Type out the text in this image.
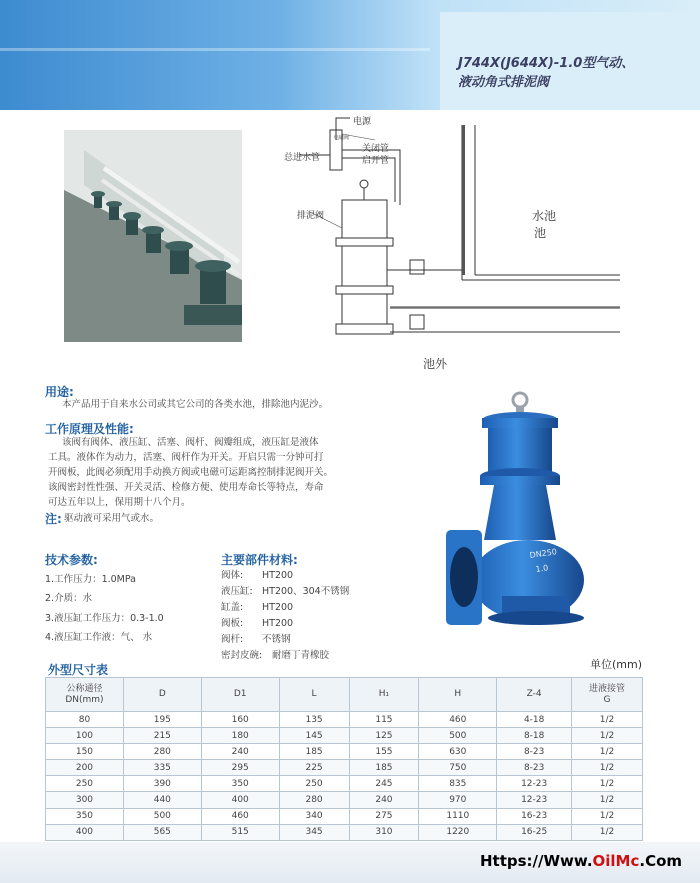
J744X(J644X)-1.0型气动、
液动角式排泥阀
电源
总进水管
电磁阀
关闭管
启开管
排泥阀	水池
池外
池
用途:
本产品用于自来水公司或其它公司的各类水池，排除池内泥沙。
工作原理及性能:
该阀有阀体、液压缸、活塞、阀杆、阀瓣组成，液压缸是液体
工具。液体作为动力，活塞、阀杆作为开关。开启只需一分钟可打
开阀板，此阀必须配用手动换方阀或电磁可运距离控制排泥阀开关。
该阀密封性性强、开关灵活、检修方便、使用寿命长等特点，寿命
可达五年以上，保用期十八个月。
注: 驱动液可采用气或水。
技术参数:
1.工作压力：1.0MPa
2.介质：水
3.液压缸工作压力：0.3-1.0
4.液压缸工作液：气、 水
主要部件材料:
阀体: HT200
液压缸: HT200、304不锈钢
缸盖: HT200
阀板: HT200
阀杆: 不锈钢
密封皮碗: 耐磨丁青橡胶
DN250
1.0
外型尺寸表	单位(mm)
公称通径
DN(mm)	D	D1	L	H₁	H	Z-4	进液接管
G
80	195	160	135	115	460	4-18	1/2
100	215	180	145	125	500	8-18	1/2
150	280	240	185	155	630	8-23	1/2
200	335	295	225	185	750	8-23	1/2
250	390	350	250	245	835	12-23	1/2
300	440	400	280	240	970	12-23	1/2
350	500	460	340	275	1110	16-23	1/2
400	565	515	345	310	1220	16-25	1/2
Https://Www.OilMc.Com
